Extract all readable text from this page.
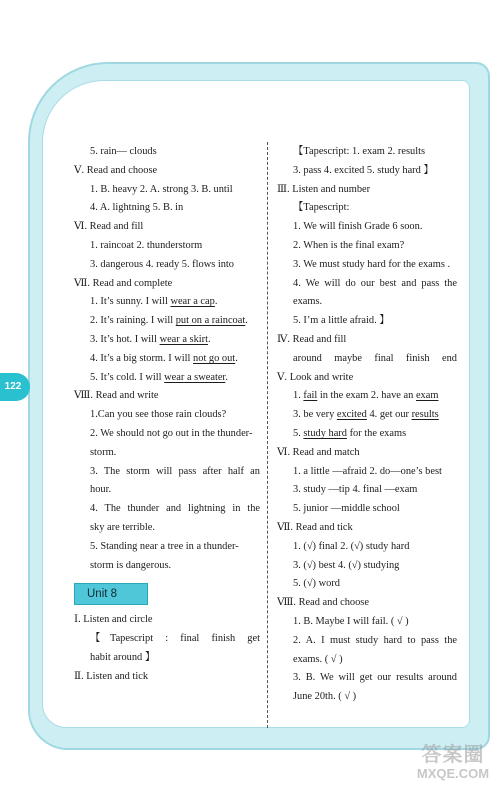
122
5. rain— clouds
Ⅴ. Read and choose
1. B. heavy 2. A. strong 3. B. until
4. A. lightning 5. B. in
Ⅵ. Read and fill
1. raincoat 2. thunderstorm
3. dangerous 4. ready 5. flows into
Ⅶ. Read and complete
1. It’s sunny. I will wear a cap.
2. It’s raining. I will put on a raincoat.
3. It’s hot. I will wear a skirt.
4. It’s a big storm. I will not go out.
5. It’s cold. I will wear a sweater.
Ⅷ. Read and write
1.Can you see those rain clouds?
2. We should not go out in the thunder-
storm.
3. The storm will pass after half an
hour.
4. The thunder and lightning in the
sky are terrible.
5. Standing near a tree in a thunder-
storm is dangerous.
Unit 8
Ⅰ. Listen and circle
【Tapescript : final finish get
habit around 】
Ⅱ. Listen and tick
【Tapescript: 1. exam 2. results
3. pass 4. excited 5. study hard 】
Ⅲ. Listen and number
【Tapescript:
1. We will finish Grade 6 soon.
2. When is the final exam?
3. We must study hard for the exams .
4. We will do our best and pass the
exams.
5. I’m a little afraid. 】
Ⅳ. Read and fill
around maybe final finish end
Ⅴ. Look and write
1. fail in the exam 2. have an exam
3. be very excited 4. get our results
5. study hard for the exams
Ⅵ. Read and match
1. a little —afraid 2. do—one’s best
3. study —tip 4. final —exam
5. junior —middle school
Ⅶ. Read and tick
1. (√) final 2. (√) study hard
3. (√) best 4. (√) studying
5. (√) word
Ⅷ. Read and choose
1. B. Maybe I will fail. ( √ )
2. A. I must study hard to pass the
exams. ( √ )
3. B. We will get our results around
June 20th. ( √ )
答案圈
MXQE.COM
